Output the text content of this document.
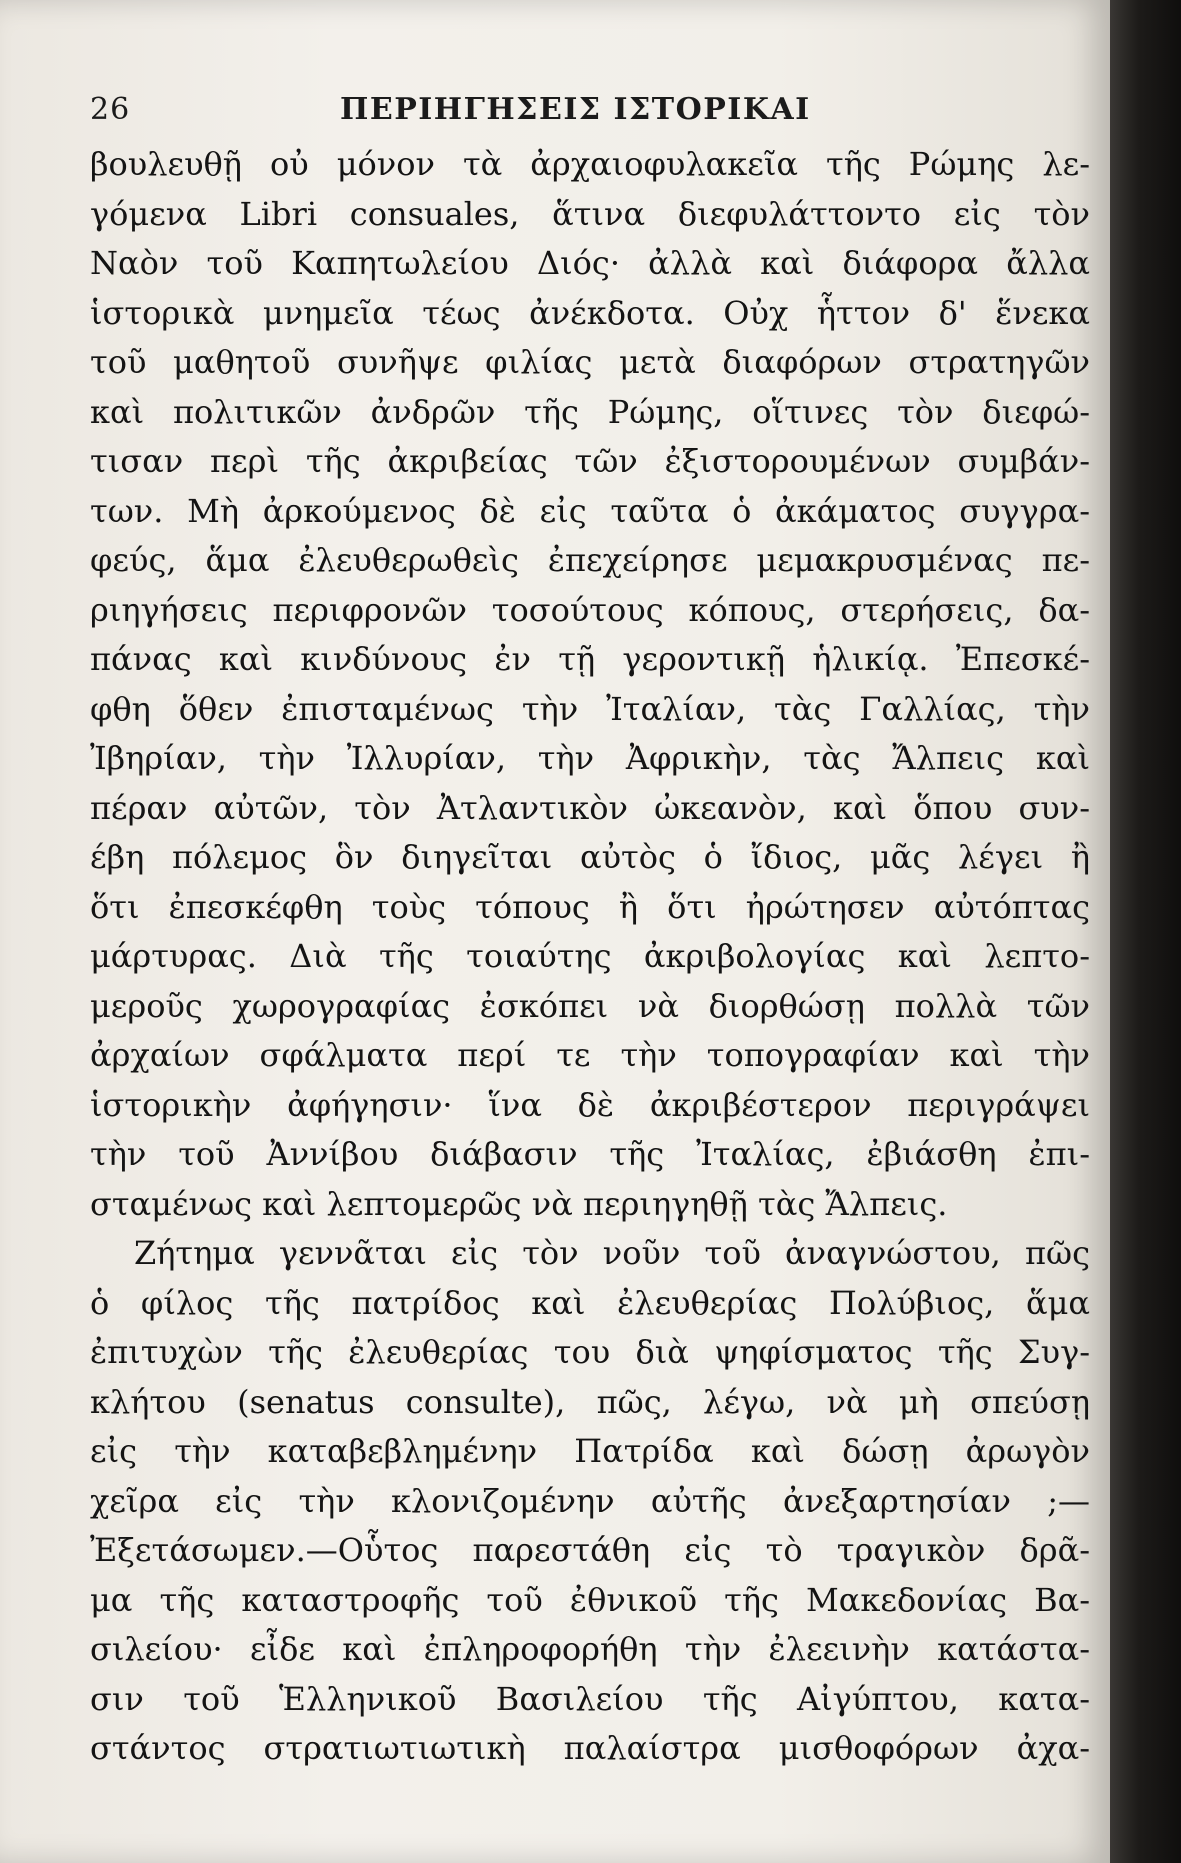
26	ΠΕΡΙΗΓΗΣΕΙΣ ΙΣΤΟΡΙΚΑΙ
βουλευθῇ οὐ μόνον τὰ ἀρχαιοφυλακεῖα τῆς Ρώμης λε-
γόμενα Libri consuales, ἅτινα διεφυλάττοντο εἰς τὸν
Ναὸν τοῦ Καπητωλείου Διός· ἀλλὰ καὶ διάφορα ἄλλα
ἱστορικὰ μνημεῖα τέως ἀνέκδοτα. Οὐχ ἧττον δ' ἕνεκα
τοῦ μαθητοῦ συνῆψε φιλίας μετὰ διαφόρων στρατηγῶν
καὶ πολιτικῶν ἀνδρῶν τῆς Ρώμης, οἵτινες τὸν διεφώ-
τισαν περὶ τῆς ἀκριβείας τῶν ἐξιστορουμένων συμβάν-
των. Μὴ ἀρκούμενος δὲ εἰς ταῦτα ὁ ἀκάματος συγγρα-
φεύς, ἅμα ἐλευθερωθεὶς ἐπεχείρησε μεμακρυσμένας πε-
ριηγήσεις περιφρονῶν τοσούτους κόπους, στερήσεις, δα-
πάνας καὶ κινδύνους ἐν τῇ γεροντικῇ ἡλικίᾳ. Ἐπεσκέ-
φθη ὅθεν ἐπισταμένως τὴν Ἰταλίαν, τὰς Γαλλίας, τὴν
Ἰβηρίαν, τὴν Ἰλλυρίαν, τὴν Ἀφρικὴν, τὰς Ἄλπεις καὶ
πέραν αὐτῶν, τὸν Ἀτλαντικὸν ὠκεανὸν, καὶ ὅπου συν-
έβη πόλεμος ὃν διηγεῖται αὐτὸς ὁ ἴδιος, μᾶς λέγει ἢ
ὅτι ἐπεσκέφθη τοὺς τόπους ἢ ὅτι ἠρώτησεν αὐτόπτας
μάρτυρας. Διὰ τῆς τοιαύτης ἀκριβολογίας καὶ λεπτο-
μεροῦς χωρογραφίας ἐσκόπει νὰ διορθώσῃ πολλὰ τῶν
ἀρχαίων σφάλματα περί τε τὴν τοπογραφίαν καὶ τὴν
ἱστορικὴν ἀφήγησιν· ἵνα δὲ ἀκριβέστερον περιγράψει
τὴν τοῦ Ἀννίβου διάβασιν τῆς Ἰταλίας, ἐβιάσθη ἐπι-
σταμένως καὶ λεπτομερῶς νὰ περιηγηθῇ τὰς Ἄλπεις.
Ζήτημα γεννᾶται εἰς τὸν νοῦν τοῦ ἀναγνώστου, πῶς
ὁ φίλος τῆς πατρίδος καὶ ἐλευθερίας Πολύβιος, ἅμα
ἐπιτυχὼν τῆς ἐλευθερίας του διὰ ψηφίσματος τῆς Συγ-
κλήτου (senatus consulte), πῶς, λέγω, νὰ μὴ σπεύσῃ
εἰς τὴν καταβεβλημένην Πατρίδα καὶ δώσῃ ἀρωγὸν
χεῖρα εἰς τὴν κλονιζομένην αὐτῆς ἀνεξαρτησίαν ;—
Ἐξετάσωμεν.—Οὗτος παρεστάθη εἰς τὸ τραγικὸν δρᾶ-
μα τῆς καταστροφῆς τοῦ ἐθνικοῦ τῆς Μακεδονίας Βα-
σιλείου· εἶδε καὶ ἐπληροφορήθη τὴν ἐλεεινὴν κατάστα-
σιν τοῦ Ἑλληνικοῦ Βασιλείου τῆς Αἰγύπτου, κατα-
στάντος στρατιωτιωτικὴ παλαίστρα μισθοφόρων ἀχα-
